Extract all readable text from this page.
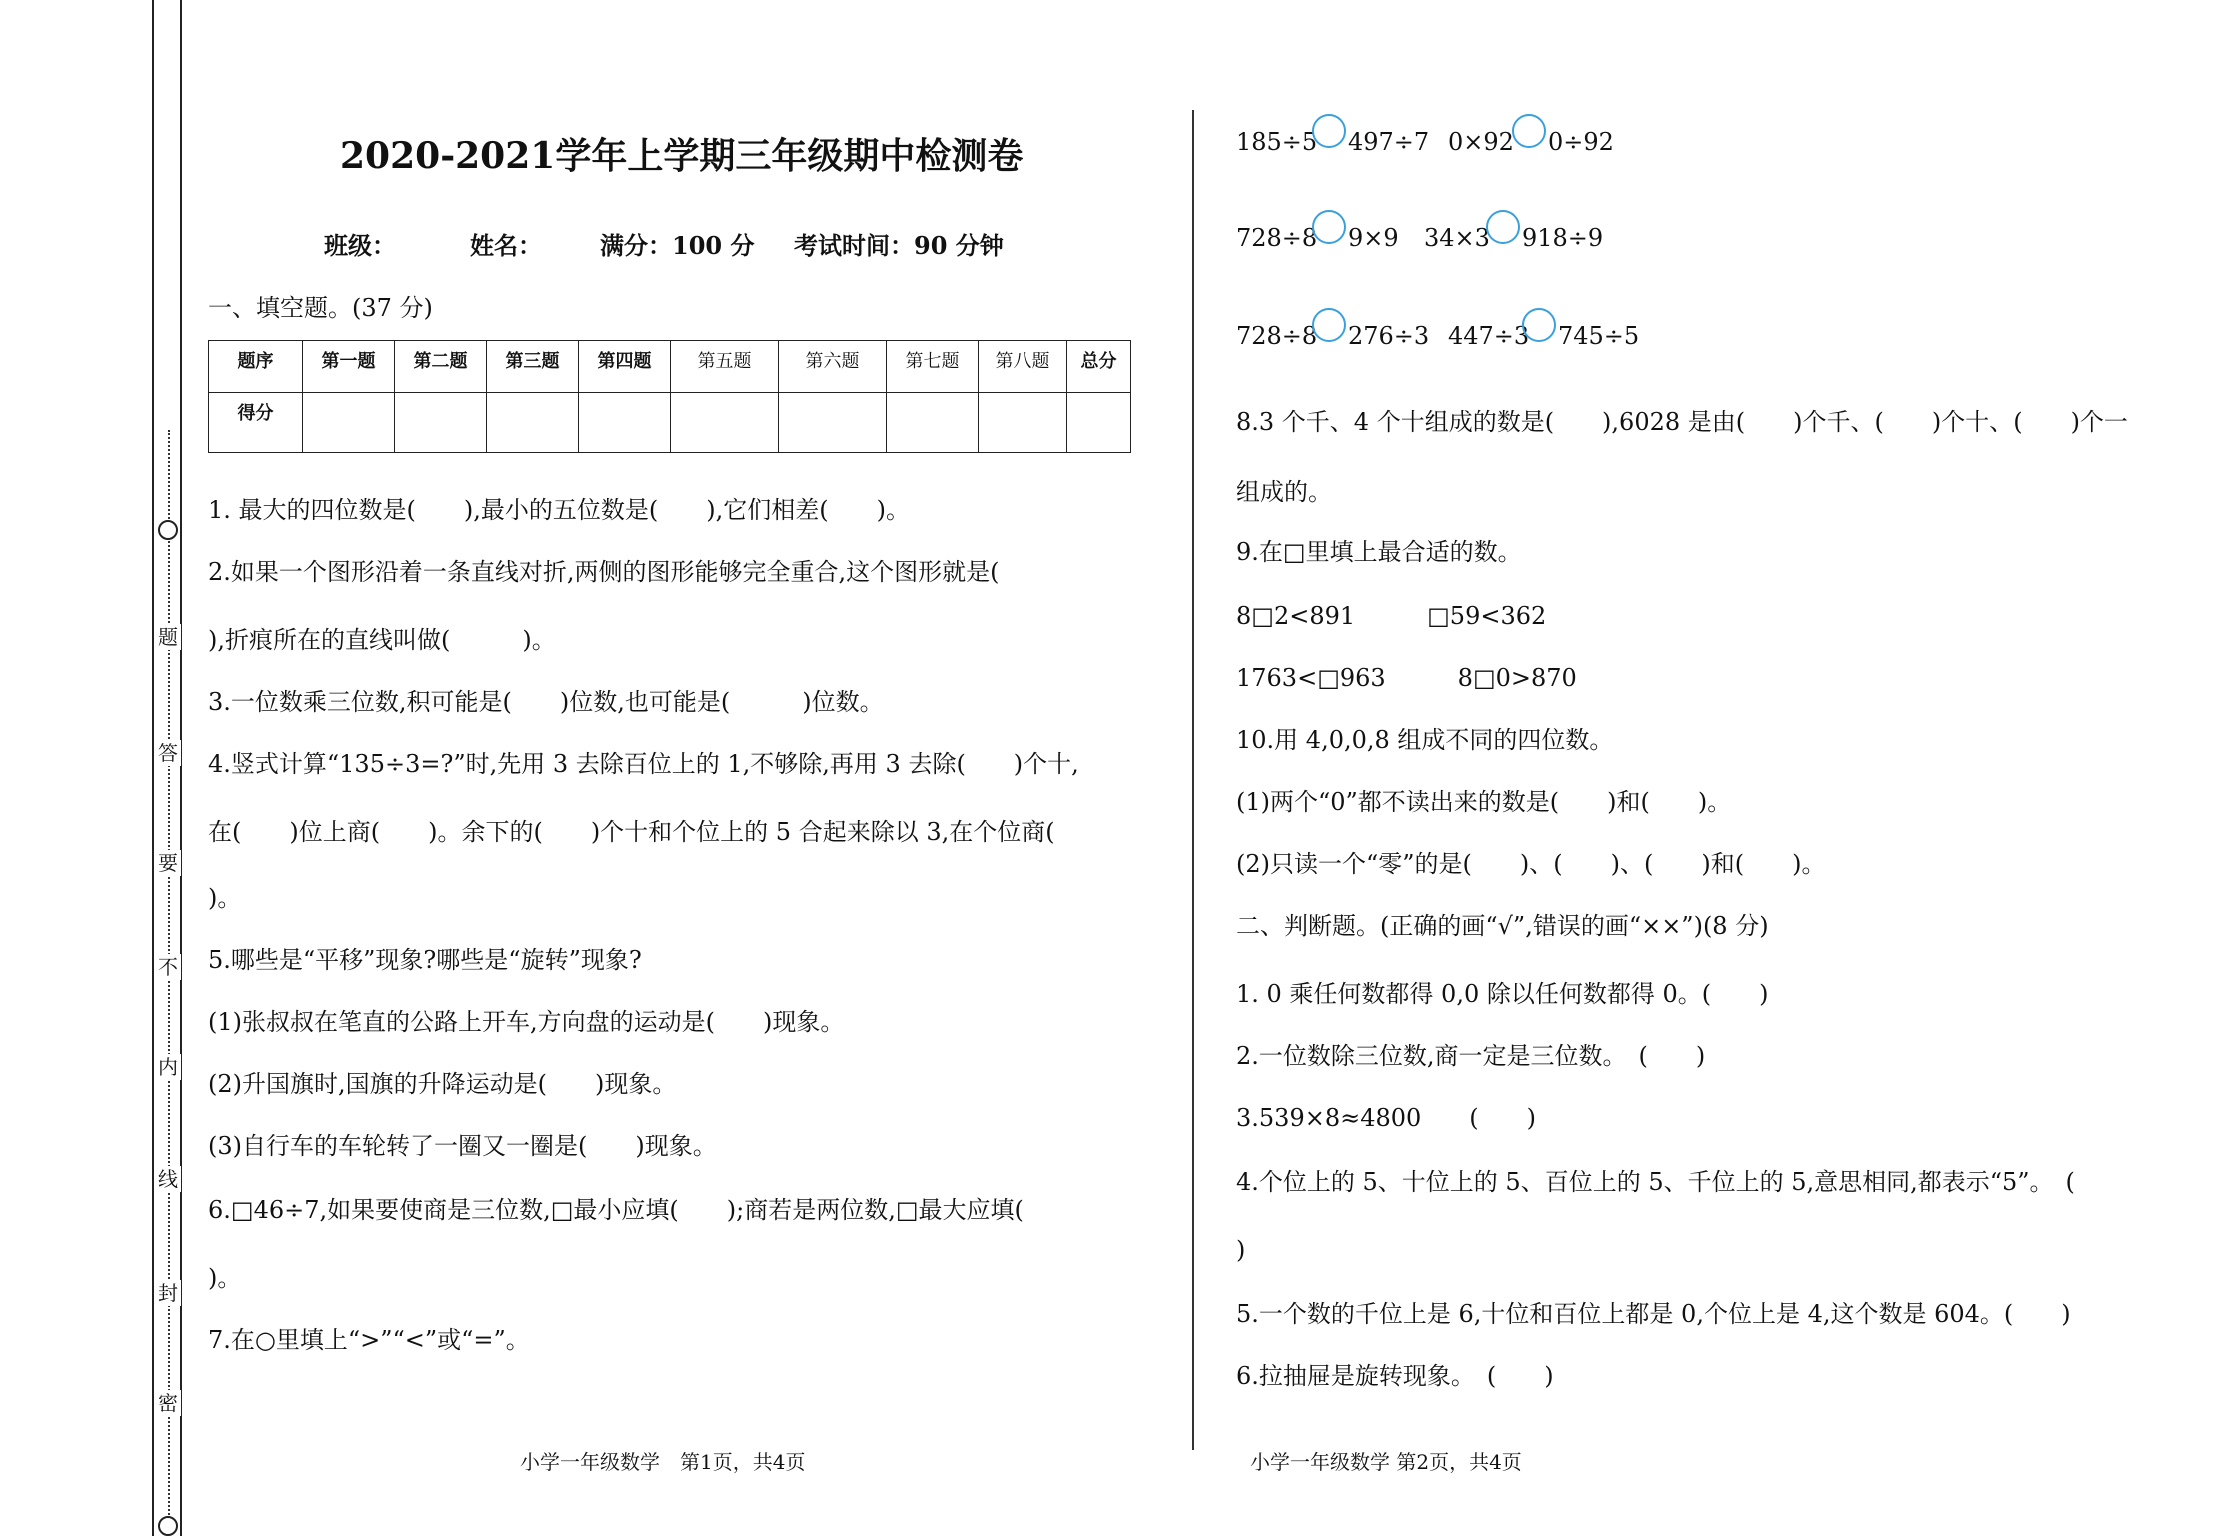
密
封
线
内
不
要
答
题
2020-2021学年上学期三年级期中检测卷
班级：	姓名： 满分：100 分 考试时间：90 分钟
一、填空题。(37 分)
题序	第一题	第二题	第三题	第四题	第五题	第六题	第七题	第八题	总分
得分									
1. 最大的四位数是(　　),最小的五位数是(　　),它们相差(　　)。
2.如果一个图形沿着一条直线对折,两侧的图形能够完全重合,这个图形就是(
),折痕所在的直线叫做(　　　)。
3.一位数乘三位数,积可能是(　　)位数,也可能是(　　　)位数。
4.竖式计算“135÷3=?”时,先用 3 去除百位上的 1,不够除,再用 3 去除(　　)个十,
在(　　)位上商(　　)。余下的(　　)个十和个位上的 5 合起来除以 3,在个位商(
)。
5.哪些是“平移”现象?哪些是“旋转”现象?
(1)张叔叔在笔直的公路上开车,方向盘的运动是(　　)现象。
(2)升国旗时,国旗的升降运动是(　　)现象。
(3)自行车的车轮转了一圈又一圈是(　　)现象。
6.□46÷7,如果要使商是三位数,□最小应填(　　);商若是两位数,□最大应填(
)。
7.在○里填上“>”“<”或“=”。
185÷5 497÷7 0×92 0÷92
728÷8 9×9 34×3 918÷9
728÷8 276÷3 447÷3 745÷5
8.3 个千、4 个十组成的数是(　　),6028 是由(　　)个千、(　　)个十、(　　)个一
组成的。
9.在□里填上最合适的数。
8□2<891　　　□59<362
1763<□963　　　8□0>870
10.用 4,0,0,8 组成不同的四位数。
(1)两个“0”都不读出来的数是(　　)和(　　)。
(2)只读一个“零”的是(　　)、(　　)、(　　)和(　　)。
二、判断题。(正确的画“√”,错误的画“××”)(8 分)
1. 0 乘任何数都得 0,0 除以任何数都得 0。(　　)
2.一位数除三位数,商一定是三位数。　(　　)
3.539×8≈4800　　(　　)
4.个位上的 5、十位上的 5、百位上的 5、千位上的 5,意思相同,都表示“5”。　(
)
5.一个数的千位上是 6,十位和百位上都是 0,个位上是 4,这个数是 604。(　　)
6.拉抽屉是旋转现象。　(　　)
小学一年级数学　第1页，共4页	小学一年级数学 第2页，共4页
